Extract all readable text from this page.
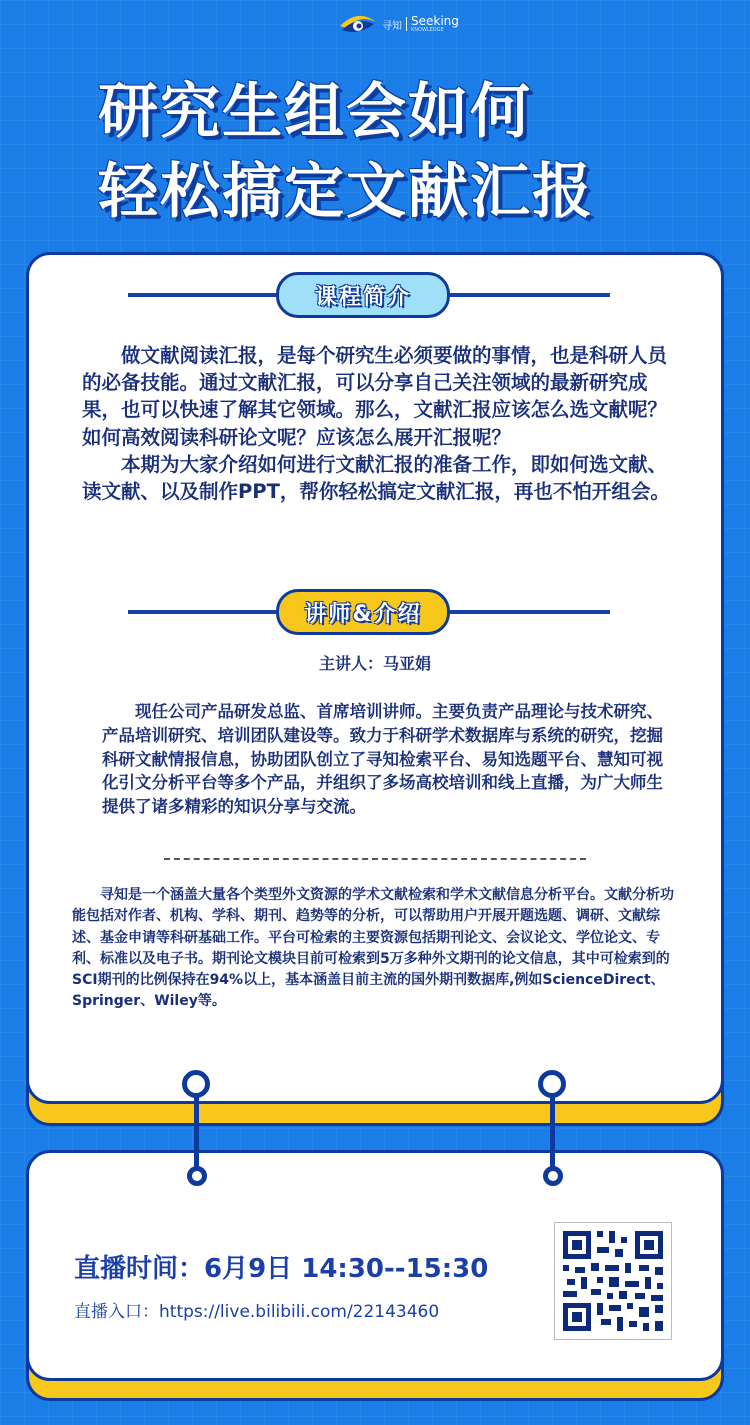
寻知 Seeking
KNOWLEDGE
研究生组会如何
轻松搞定文献汇报
课程简介
　　做文献阅读汇报，是每个研究生必须要做的事情，也是科研人员的必备技能。通过文献汇报，可以分享自己关注领域的最新研究成果，也可以快速了解其它领域。那么，文献汇报应该怎么选文献呢？如何高效阅读科研论文呢？应该怎么展开汇报呢？
　　本期为大家介绍如何进行文献汇报的准备工作，即如何选文献、读文献、以及制作PPT，帮你轻松搞定文献汇报，再也不怕开组会。
讲师&介绍
主讲人：马亚娟
　　现任公司产品研发总监、首席培训讲师。主要负责产品理论与技术研究、产品培训研究、培训团队建设等。致力于科研学术数据库与系统的研究，挖掘科研文献情报信息，协助团队创立了寻知检索平台、易知选题平台、慧知可视化引文分析平台等多个产品，并组织了多场高校培训和线上直播，为广大师生提供了诸多精彩的知识分享与交流。
　　寻知是一个涵盖大量各个类型外文资源的学术文献检索和学术文献信息分析平台。文献分析功能包括对作者、机构、学科、期刊、趋势等的分析，可以帮助用户开展开题选题、调研、文献综述、基金申请等科研基础工作。平台可检索的主要资源包括期刊论文、会议论文、学位论文、专利、标准以及电子书。期刊论文模块目前可检索到5万多种外文期刊的论文信息，其中可检索到的SCI期刊的比例保持在94%以上，基本涵盖目前主流的国外期刊数据库,例如ScienceDirect、Springer、Wiley等。
直播时间：6月9日 14:30--15:30
直播入口：https://live.bilibili.com/22143460
